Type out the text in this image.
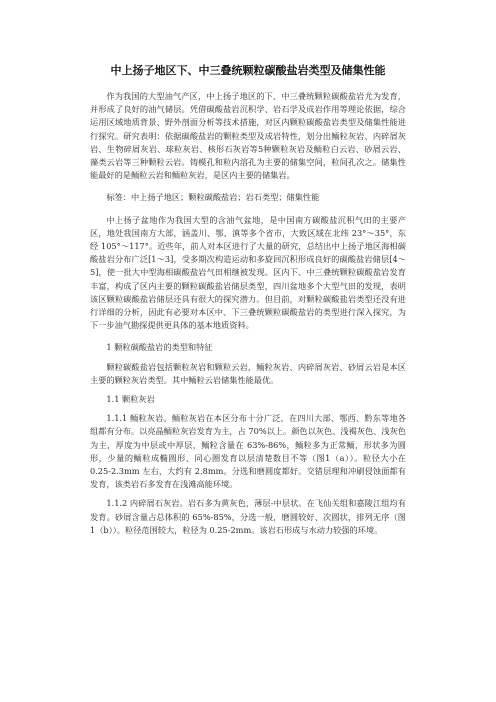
中上扬子地区下、中三叠统颗粒碳酸盐岩类型及储集性能

作为我国的大型油气产区，中上扬子地区的下、中三叠统颗粒碳酸盐岩尤为发育，并形成了良好的油气储层。凭借碳酸盐岩沉积学、岩石学及成岩作用等理论依据，综合运用区域地质背景、野外剖面分析等技术措施，对区内颗粒碳酸盐岩类型及储集性能进行探究。研究表明：依据碳酸盐岩的颗粒类型及成岩特性，划分出鲕粒灰岩、内碎屑灰岩、生物碎屑灰岩、球粒灰岩、核形石灰岩等5种颗粒灰岩及鲕粒白云岩、砂屑云岩、藻类云岩等三种颗粒云岩。铸模孔和粒内溶孔为主要的储集空间，粒间孔次之。储集性能最好的是鲕粒云岩和鲕粒灰岩，是区内主要的储集岩。

标签：中上扬子地区；颗粒碳酸盐岩；岩石类型；储集性能

中上扬子盆地作为我国大型的含油气盆地，是中国南方碳酸盐沉积气田的主要产区，地处我国南方大部，涵盖川、鄂、滇等多个省市，大致区域在北纬 23°～35°，东经 105°～117°。近些年，前人对本区进行了大量的研究，总结出中上扬子地区海相碳酸盐岩分布广泛[1～3]，受多期次构造运动和多旋回沉积形成良好的碳酸盐岩储层[4～5]，使一批大中型海相碳酸盐岩气田相继被发现。区内下、中三叠统颗粒碳酸盐岩发育丰富，构成了区内主要的颗粒碳酸盐岩储层类型，四川盆地多个大型气田的发现，表明该区颗粒碳酸盐岩储层还具有很大的探究潜力。但目前，对颗粒碳酸盐岩类型还没有进行详细的分析，因此有必要对本区中、下三叠统颗粒碳酸盐岩的类型进行深入探究，为下一步油气勘探提供更具体的基本地质资料。

1 颗粒碳酸盐岩的类型和特征

颗粒碳酸盐岩包括颗粒灰岩和颗粒云岩，鲕粒灰岩、内碎屑灰岩、砂屑云岩是本区主要的颗粒灰岩类型。其中鲕粒云岩储集性能最优。

1.1 颗粒灰岩

1.1.1 鲕粒灰岩。鲕粒灰岩在本区分布十分广泛，在四川大部、鄂西、黔东等地各组都有分布。以亮晶鲕粒灰岩发育为主，占 70%以上。颜色以灰色、浅褐灰色、浅灰色为主，厚度为中层或中厚层，鲕粒含量在 63%-86%，鲕粒多为正常鲕，形状多为圆形，少量的鲕粒成椭圆形、同心圈发育以层清楚数目不等（图1（a））。粒径大小在 0.25-2.3mm 左右，大约有 2.8mm。分选和磨圆度都好。交错层理和冲刷侵蚀面都有发育，该类岩石多发育在浅滩高能环境。

1.1.2 内碎屑石灰岩。岩石多为黄灰色，薄层-中层状。在飞仙关组和嘉陵江组均有发育。砂屑含量占总体积的 65%-85%，分选一般，磨圆较好、次圆状，排列无序（图 1（b））。粒径范围较大，粒径为 0.25-2mm。该岩石形成与水动力较强的环境。
